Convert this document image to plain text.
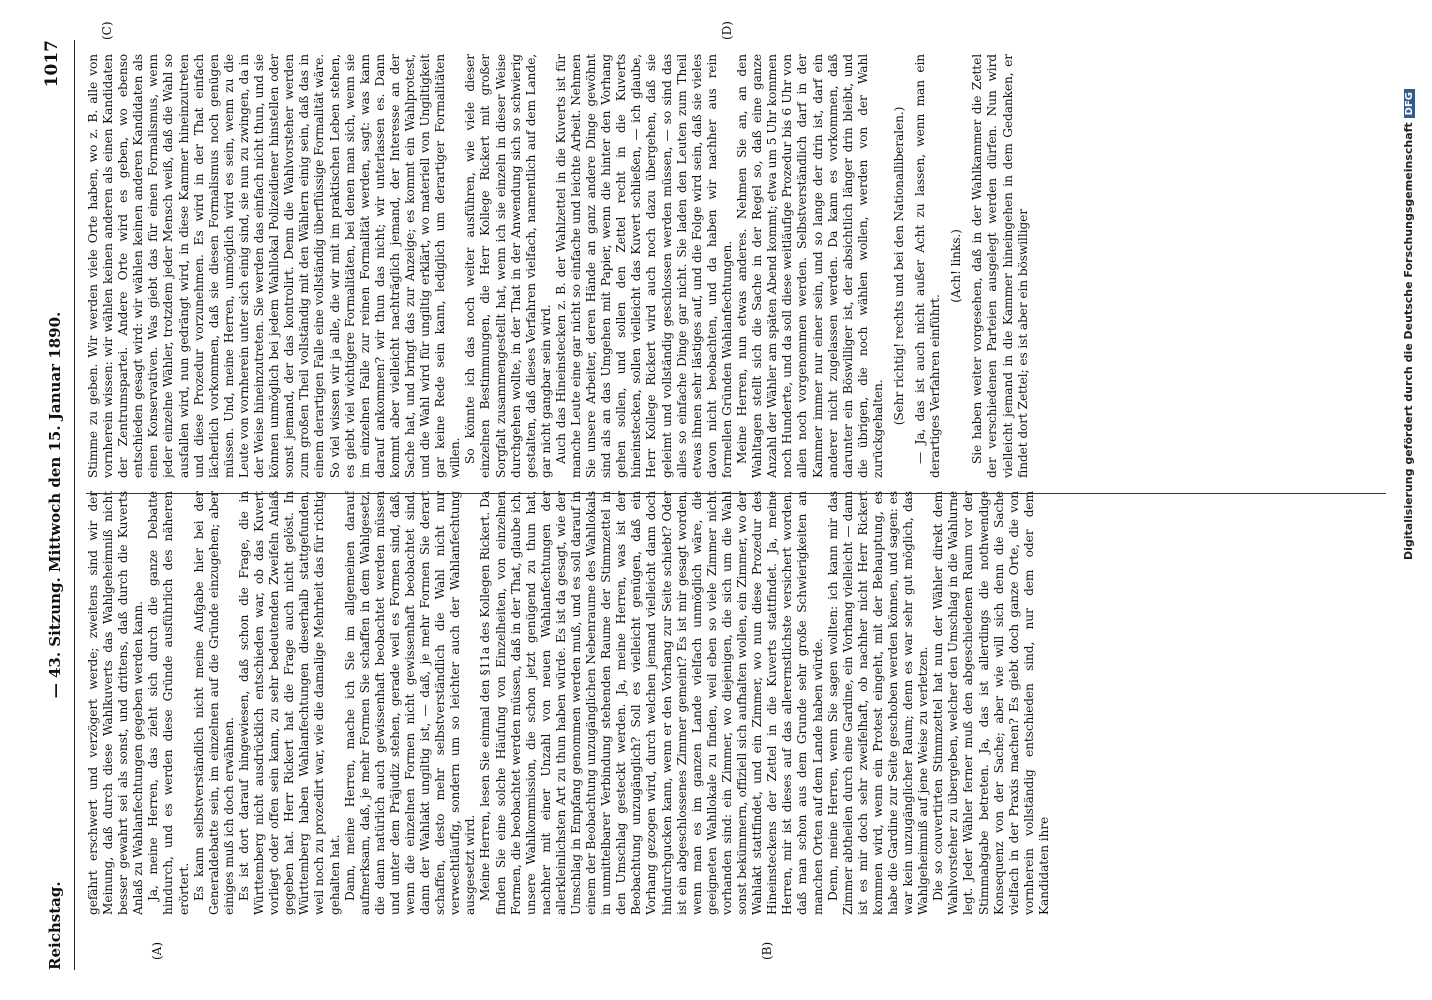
Reichstag.
— 43. Sitzung. Mittwoch den 15. Januar 1890.
1017
(A)	(B)
(C)	(D)

gefährt erschwert und verzögert werde; zweitens sind wir der Meinung, daß durch diese Wahlkuverts das Wahlgeheimniß nicht besser gewahrt sei als sonst, und drittens, daß durch die Kuverts Anlaß zu Wahlanfechtungen gegeben werden kann. Ja, meine Herren, das zieht sich durch die ganze Debatte hindurch, und es werden diese Gründe ausführlich des näheren erörtert. Es kann selbstverständlich nicht meine Aufgabe hier bei der Generaldebatte sein, im einzelnen auf die Gründe einzugehen; aber einiges muß ich doch erwähnen. Es ist dort darauf hingewiesen, daß schon die Frage, die in Württemberg nicht ausdrücklich entschieden war, ob das Kuvert vorliegt oder offen sein kann, zu sehr bedeutenden Zweifeln Anlaß gegeben hat. Herr Rickert hat die Frage auch nicht gelöst. In Württemberg haben Wahlanfechtungen dieserhalb stattgefunden, weil noch zu prozedirt war, wie die damalige Mehrheit das für richtig gehalten hat. Dann, meine Herren, mache ich Sie im allgemeinen darauf aufmerksam, daß, je mehr Formen Sie schaffen in dem Wahlgesetz, die dann natürlich auch gewissenhaft beobachtet werden müssen und unter dem Präjudiz stehen, gerade weil es Formen sind, daß, wenn die einzelnen Formen nicht gewissenhaft beobachtet sind, dann der Wahlakt ungiltig ist, — daß, je mehr Formen Sie derart schaffen, desto mehr selbstverständlich die Wahl nicht nur verwechtläufig, sondern um so leichter auch der Wahlanfechtung ausgesetzt wird. Meine Herren, lesen Sie einmal den §11a des Kollegen Rickert. Da finden Sie eine solche Häufung von Einzelheiten, von einzelnen Formen, die beobachtet werden müssen, daß in der That, glaube ich, unsere Wahlkommission, die schon jetzt genügend zu thun hat, nachher mit einer Unzahl von neuen Wahlanfechtungen der allerkleinlichsten Art zu thun haben würde. Es ist da gesagt, wie der Umschlag in Empfang genommen werden muß, und es soll darauf in einem der Beobachtung unzugänglichen Nebenraume des Wahllokals in unmittelbarer Verbindung stehenden Raume der Stimmzettel in den Umschlag gesteckt werden. Ja, meine Herren, was ist der Beobachtung unzugänglich? Soll es vielleicht genügen, daß ein Vorhang gezogen wird, durch welchen jemand vielleicht dann doch hindurchgucken kann, wenn er den Vorhang zur Seite schiebt? Oder ist ein abgeschlossenes Zimmer gemeint? Es ist mir gesagt worden, wenn man es im ganzen Lande vielfach unmöglich wäre, die geeigneten Wahllokale zu finden, weil eben so viele Zimmer nicht vorhanden sind: ein Zimmer, wo diejenigen, die sich um die Wahl sonst bekümmern, offiziell sich aufhalten wollen, ein Zimmer, wo der Wahlakt stattfindet, und ein Zimmer, wo nun diese Prozedur des Hineinsteckens der Zettel in die Kuverts stattfindet. Ja, meine Herren, mir ist dieses auf das allerernstlichste versichert worden, daß man schon aus dem Grunde sehr große Schwierigkeiten an manchen Orten auf dem Lande haben würde. Denn, meine Herren, wenn Sie sagen wollten: ich kann mir das Zimmer abtheilen durch eine Gardine, ein Vorhang vielleicht — dann ist es mir doch sehr zweifelhaft, ob nachher nicht Herr Rickert kommen wird, wenn ein Protest eingeht, mit der Behauptung, es habe die Gardine zur Seite geschoben werden können, und sagen: es war kein unzugänglicher Raum; denn es war sehr gut möglich, das Wahlgeheimniß auf jene Weise zu verletzen. Die so couvertirten Stimmzettel hat nun der Wähler direkt dem Wahlvorsteher zu übergeben, welcher den Umschlag in die Wahlurne legt. Jeder Wähler ferner muß den abgeschiedenen Raum vor der Stimmabgabe betreten. Ja, das ist allerdings die nothwendige Konsequenz von der Sache; aber wie will sich denn die Sache vielfach in der Praxis machen? Es giebt doch ganze Orte, die von vornherein vollständig entschieden sind, nur dem oder dem Kandidaten ihre

Stimme zu geben. Wir werden viele Orte haben, wo z. B. alle von vornherein wissen: wir wählen keinen anderen als einen Kandidaten der Zentrumspartei. Andere Orte wird es geben, wo ebenso entschieden gesagt wird: wir wählen keinen anderen Kandidaten als einen Konservativen. Was giebt das für einen Formalismus, wenn jeder einzelne Wähler, trotzdem jeder Mensch weiß, daß die Wahl so ausfallen wird, nun gedrängt wird, in diese Kammer hineinzutreten und diese Prozedur vorzunehmen. Es wird in der That einfach lächerlich vorkommen, daß sie diesen Formalismus noch genügen müssen. Und, meine Herren, unmöglich wird es sein, wenn zu die Leute von vornherein unter sich einig sind, sie nun zu zwingen, da in der Weise hineinzutreten. Sie werden das einfach nicht thun, und sie können unmöglich bei jedem Wahllokal Polizeidiener hinstellen oder sonst jemand, der das kontrolirt. Denn die Wahlvorsteher werden zum großen Theil vollständig mit den Wählern einig sein, daß das in einem derartigen Falle eine vollständig überflüssige Formalität wäre. So viel wissen wir ja alle, die wir mit im praktischen Leben stehen, es giebt viel wichtigere Formalitäten, bei denen man sich, wenn sie im einzelnen Falle zur reinen Formalität werden, sagt: was kann darauf ankommen? wir thun das nicht; wir unterlassen es. Dann kommt aber vielleicht nachträglich jemand, der Interesse an der Sache hat, und bringt das zur Anzeige; es kommt ein Wahlprotest, und die Wahl wird für ungiltig erklärt, wo materiell von Ungiltigkeit gar keine Rede sein kann, lediglich um derartiger Formalitäten willen. So könnte ich das noch weiter ausführen, wie viele dieser einzelnen Bestimmungen, die Herr Kollege Rickert mit großer Sorgfalt zusammengestellt hat, wenn ich sie einzeln in dieser Weise durchgehen wollte, in der That in der Anwendung sich so schwierig gestalten, daß dieses Verfahren vielfach, namentlich auf dem Lande, gar nicht gangbar sein wird. Auch das Hineinstecken z. B. der Wahlzettel in die Kuverts ist für manche Leute eine gar nicht so einfache und leichte Arbeit. Nehmen Sie unsere Arbeiter, deren Hände an ganz andere Dinge gewöhnt sind als an das Umgehen mit Papier, wenn die hinter den Vorhang gehen sollen, und sollen den Zettel recht in die Kuverts hineinstecken, sollen vielleicht das Kuvert schließen, — ich glaube, Herr Kollege Rickert wird auch noch dazu übergehen, daß sie geleimt und vollständig geschlossen werden müssen, — so sind das alles so einfache Dinge gar nicht. Sie laden den Leuten zum Theil etwas ihnen sehr lästiges auf, und die Folge wird sein, daß sie vieles davon nicht beobachten, und da haben wir nachher aus rein formellen Gründen Wahlanfechtungen. Meine Herren, nun etwas anderes. Nehmen Sie an, an den Wahltagen stellt sich die Sache in der Regel so, daß eine ganze Anzahl der Wähler am späten Abend kommt; etwa um 5 Uhr kommen noch Hunderte, und da soll diese weitläufige Prozedur bis 6 Uhr von allen noch vorgenommen werden. Selbstverständlich darf in der Kammer immer nur einer sein, und so lange der drin ist, darf ein anderer nicht zugelassen werden. Da kann es vorkommen, daß darunter ein Böswilliger ist, der absichtlich länger drin bleibt, und die übrigen, die noch wählen wollen, werden von der Wahl zurückgehalten.

(Sehr richtig! rechts und bei den Nationalliberalen.) — Ja, das ist auch nicht außer Acht zu lassen, wenn man ein derartiges Verfahren einführt.

(Ach! links.) Sie haben weiter vorgesehen, daß in der Wahlkammer die Zettel der verschiedenen Parteien ausgelegt werden dürfen. Nun wird vielleicht jemand in die Kammer hineingehen in dem Gedanken, er findet dort Zettel; es ist aber ein böswilliger	Digitalisierung gefördert durch die Deutsche ForschungsgemeinschaftDFG
